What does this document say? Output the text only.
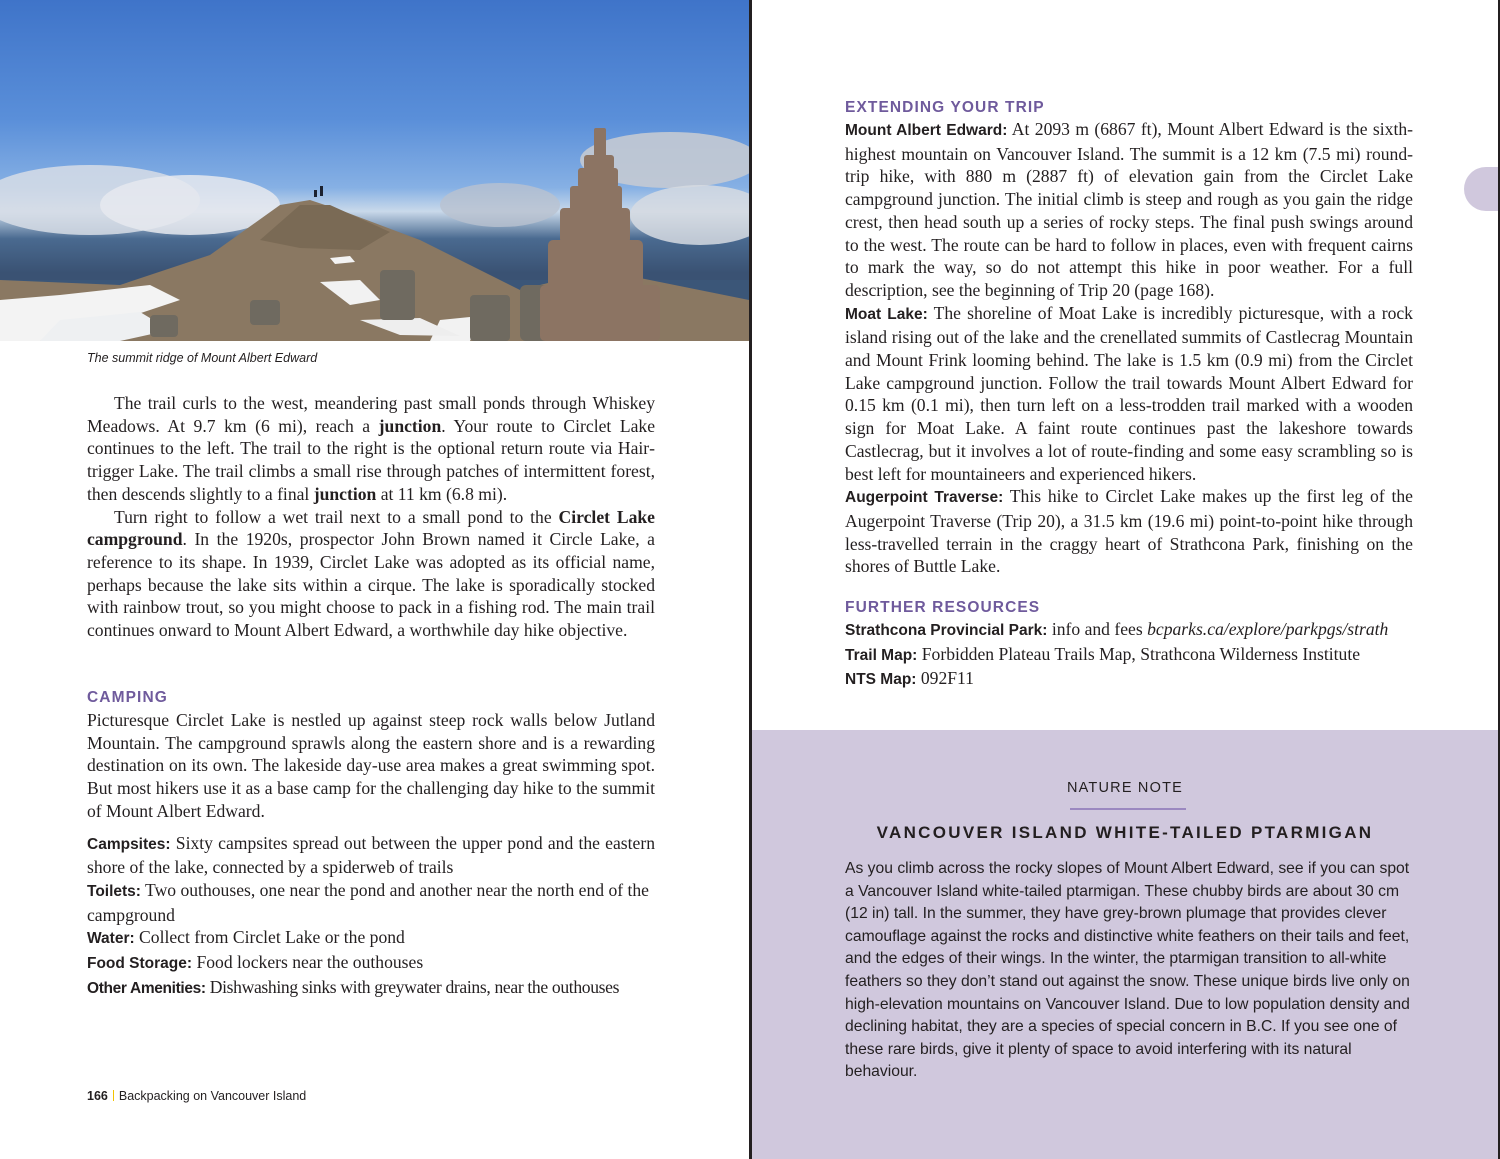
The summit ridge of Mount Albert Edward

The trail curls to the west, meandering past small ponds through Whiskey Meadows. At 9.7 km (6 mi), reach a junction. Your route to Circlet Lake continues to the left. The trail to the right is the optional return route via Hairtrigger Lake. The trail climbs a small rise through patches of intermittent forest, then descends slightly to a final junction at 11 km (6.8 mi).

Turn right to follow a wet trail next to a small pond to the Circlet Lake campground. In the 1920s, prospector John Brown named it Circle Lake, a reference to its shape. In 1939, Circlet Lake was adopted as its official name, perhaps because the lake sits within a cirque. The lake is sporadically stocked with rainbow trout, so you might choose to pack in a fishing rod. The main trail continues onward to Mount Albert Edward, a worthwhile day hike objective.

CAMPING

Picturesque Circlet Lake is nestled up against steep rock walls below Jutland Mountain. The campground sprawls along the eastern shore and is a rewarding destination on its own. The lakeside day-use area makes a great swimming spot. But most hikers use it as a base camp for the challenging day hike to the summit of Mount Albert Edward.

Campsites: Sixty campsites spread out between the upper pond and the eastern shore of the lake, connected by a spiderweb of trails

Toilets: Two outhouses, one near the pond and another near the north end of the campground

Water: Collect from Circlet Lake or the pond

Food Storage: Food lockers near the outhouses

Other Amenities: Dishwashing sinks with greywater drains, near the outhouses

166 Backpacking on Vancouver Island
EXTENDING YOUR TRIP

Mount Albert Edward: At 2093 m (6867 ft), Mount Albert Edward is the sixth-highest mountain on Vancouver Island. The summit is a 12 km (7.5 mi) round-trip hike, with 880 m (2887 ft) of elevation gain from the Circlet Lake campground junction. The initial climb is steep and rough as you gain the ridge crest, then head south up a series of rocky steps. The final push swings around to the west. The route can be hard to follow in places, even with frequent cairns to mark the way, so do not attempt this hike in poor weather. For a full description, see the beginning of Trip 20 (page 168).

Moat Lake: The shoreline of Moat Lake is incredibly picturesque, with a rock island rising out of the lake and the crenellated summits of Castlecrag Mountain and Mount Frink looming behind. The lake is 1.5 km (0.9 mi) from the Circlet Lake campground junction. Follow the trail towards Mount Albert Edward for 0.15 km (0.1 mi), then turn left on a less-trodden trail marked with a wooden sign for Moat Lake. A faint route continues past the lakeshore towards Castlecrag, but it involves a lot of route-finding and some easy scrambling so is best left for mountaineers and experienced hikers.

Augerpoint Traverse: This hike to Circlet Lake makes up the first leg of the Augerpoint Traverse (Trip 20), a 31.5 km (19.6 mi) point-to-point hike through less-travelled terrain in the craggy heart of Strathcona Park, finishing on the shores of Buttle Lake.

FURTHER RESOURCES

Strathcona Provincial Park: info and fees bcparks.ca/explore/parkpgs/strath

Trail Map: Forbidden Plateau Trails Map, Strathcona Wilderness Institute

NTS Map: 092F11

NATURE NOTE
VANCOUVER ISLAND WHITE-TAILED PTARMIGAN

As you climb across the rocky slopes of Mount Albert Edward, see if you can spot a Vancouver Island white-tailed ptarmigan. These chubby birds are about 30 cm (12 in) tall. In the summer, they have grey-brown plumage that provides clever camouflage against the rocks and distinctive white feathers on their tails and feet, and the edges of their wings. In the winter, the ptarmigan transition to all-white feathers so they don’t stand out against the snow. These unique birds live only on high-elevation mountains on Vancouver Island. Due to low population density and declining habitat, they are a species of special concern in B.C. If you see one of these rare birds, give it plenty of space to avoid interfering with its natural behaviour.
